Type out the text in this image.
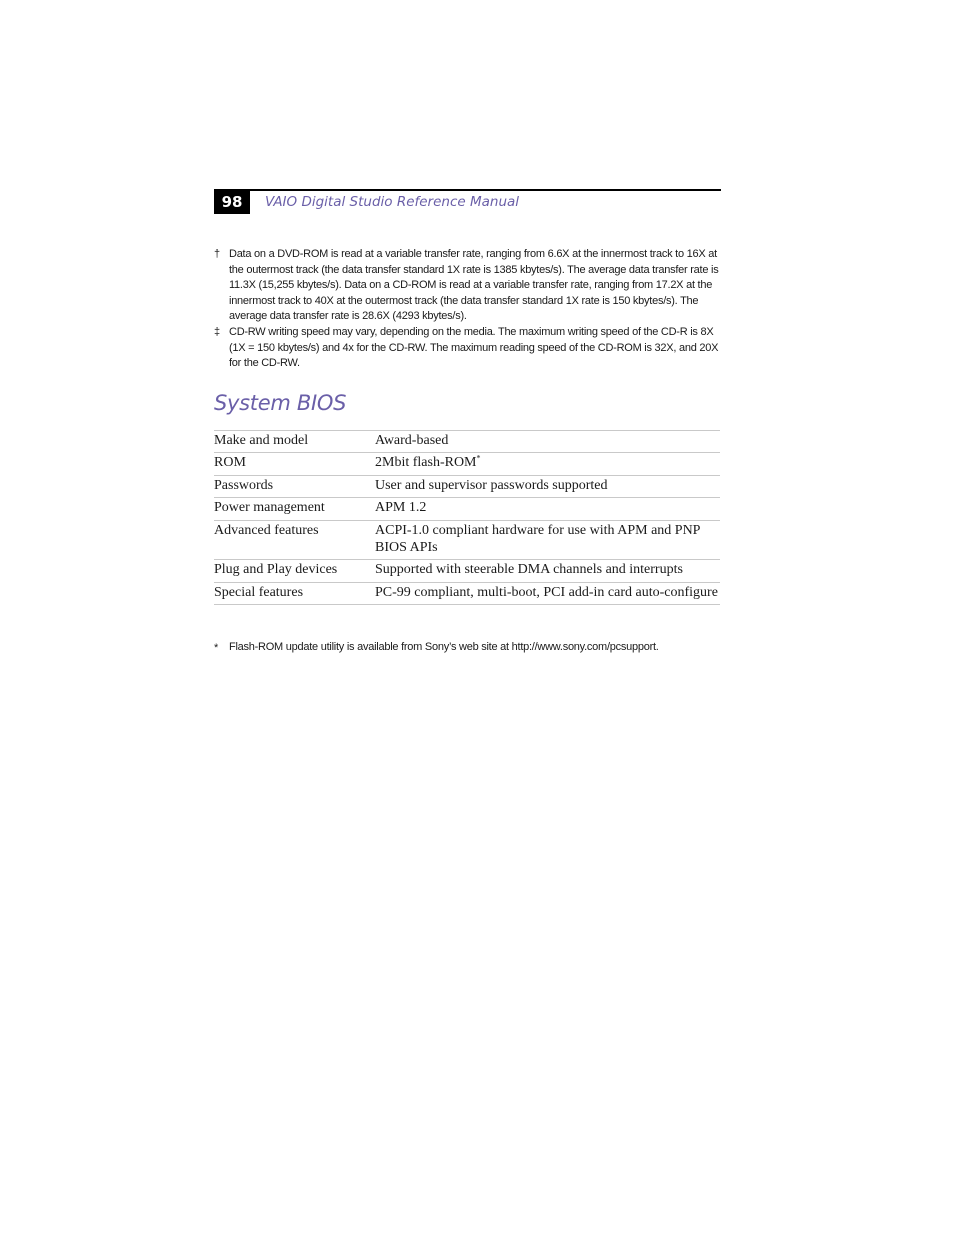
98	VAIO Digital Studio Reference Manual

† Data on a DVD-ROM is read at a variable transfer rate, ranging from 6.6X at the innermost track to 16X at the outermost track (the data transfer standard 1X rate is 1385 kbytes/s). The average data transfer rate is 11.3X (15,255 kbytes/s). Data on a CD-ROM is read at a variable transfer rate, ranging from 17.2X at the innermost track to 40X at the outermost track (the data transfer standard 1X rate is 150 kbytes/s). The average data transfer rate is 28.6X (4293 kbytes/s).

‡ CD-RW writing speed may vary, depending on the media. The maximum writing speed of the CD-R is 8X (1X = 150 kbytes/s) and 4x for the CD-RW. The maximum reading speed of the CD-ROM is 32X, and 20X for the CD-RW.

System BIOS
Make and model	Award-based
ROM	2Mbit flash-ROM*
Passwords	User and supervisor passwords supported
Power management	APM 1.2
Advanced features	ACPI-1.0 compliant hardware for use with APM and PNP BIOS APIs
Plug and Play devices	Supported with steerable DMA channels and interrupts
Special features	PC-99 compliant, multi-boot, PCI add-in card auto-configure

* Flash-ROM update utility is available from Sony’s web site at http://www.sony.com/pcsupport.
